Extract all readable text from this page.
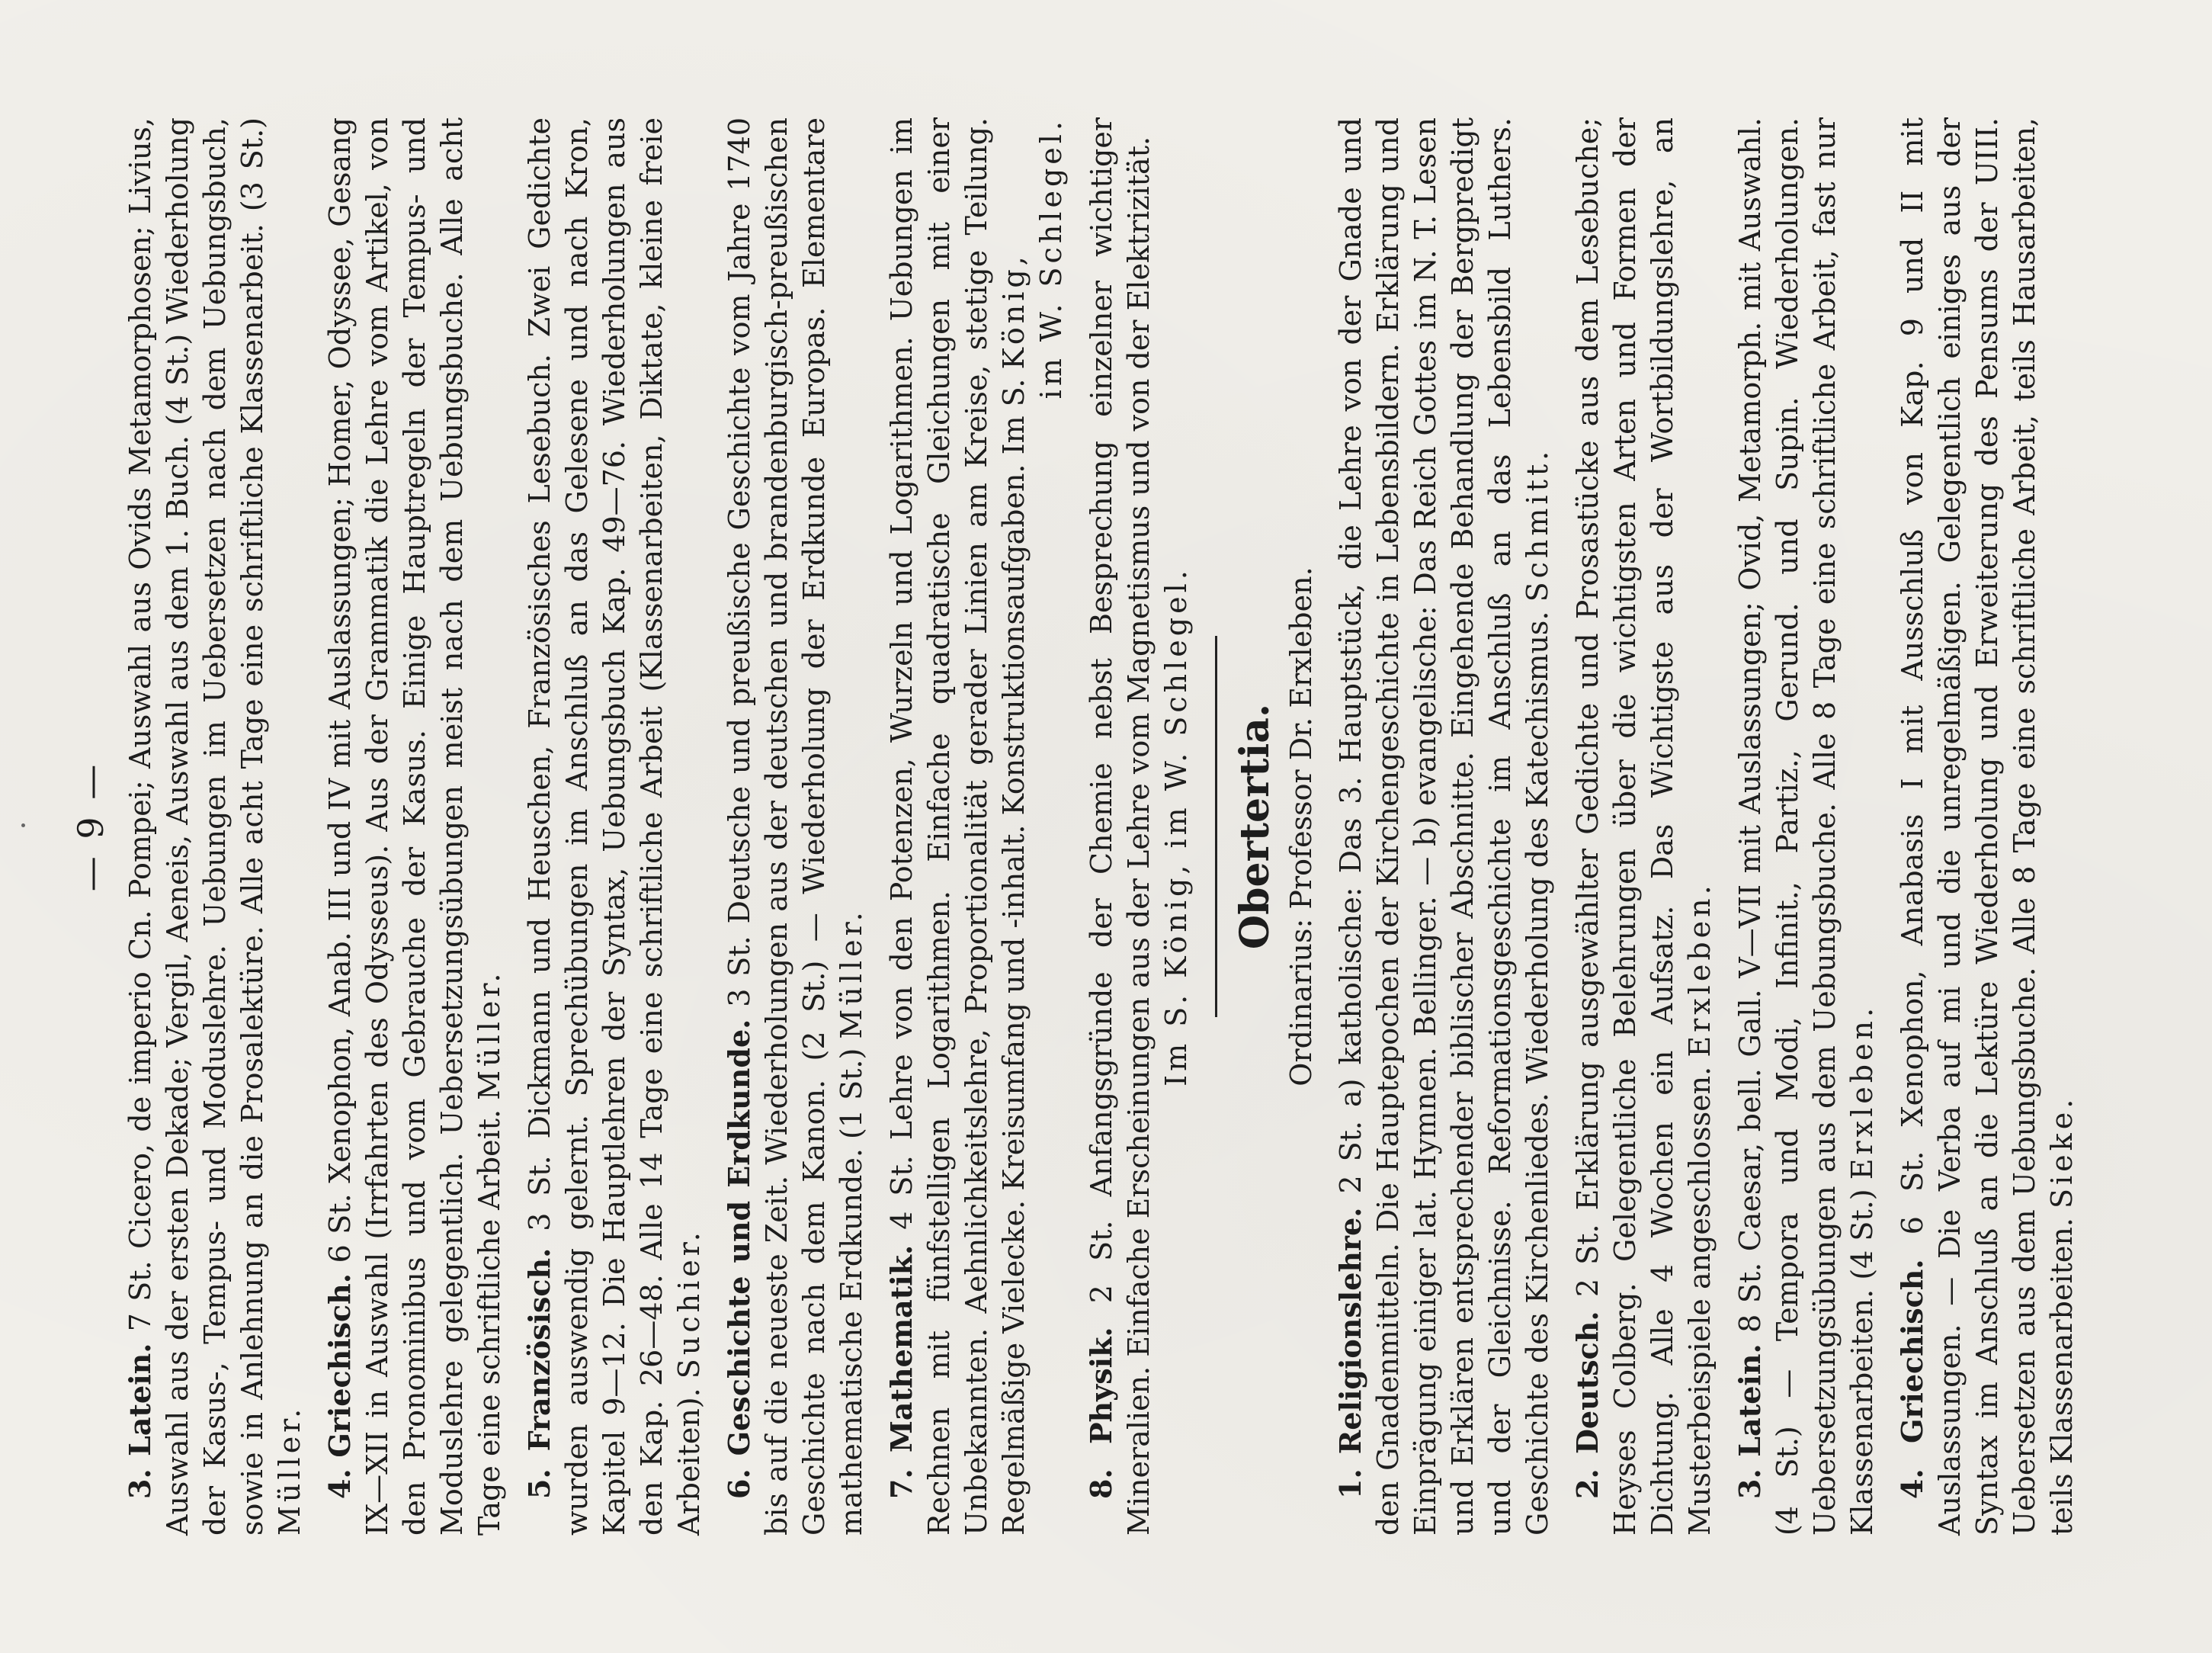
— 9 —

3. Latein. 7 St. Cicero, de imperio Cn. Pompei; Auswahl aus Ovids Metamorphosen; Livius, Auswahl aus der ersten Dekade; Vergil, Aeneis, Auswahl aus dem 1. Buch. (4 St.) Wiederholung der Kasus-, Tempus- und Moduslehre. Uebungen im Uebersetzen nach dem Uebungsbuch, sowie in Anlehnung an die Prosalektüre. Alle acht Tage eine schriftliche Klassenarbeit. (3 St.) Müller. 4. Griechisch. 6 St. Xenophon, Anab. III und IV mit Auslassungen; Homer, Odyssee, Gesang IX—XII in Auswahl (Irrfahrten des Odysseus). Aus der Grammatik die Lehre vom Artikel, von den Pronominibus und vom Gebrauche der Kasus. Einige Hauptregeln der Tempus- und Moduslehre gelegentlich. Uebersetzungsübungen meist nach dem Uebungsbuche. Alle acht Tage eine schriftliche Arbeit. Müller.

5. Französisch. 3 St. Dickmann und Heuschen, Französisches Lesebuch. Zwei Gedichte wurden auswendig gelernt. Sprechübungen im Anschluß an das Gelesene und nach Kron, Kapitel 9—12. Die Hauptlehren der Syntax, Uebungsbuch Kap. 49—76. Wiederholungen aus den Kap. 26—48. Alle 14 Tage eine schriftliche Arbeit (Klassenarbeiten, Diktate, kleine freie Arbeiten). Suchier. 6. Geschichte und Erdkunde. 3 St. Deutsche und preußische Geschichte vom Jahre 1740 bis auf die neueste Zeit. Wiederholungen aus der deutschen und brandenburgisch-preußischen Geschichte nach dem Kanon. (2 St.) — Wiederholung der Erdkunde Europas. Elementare mathematische Erdkunde. (1 St.) Müller.

7. Mathematik. 4 St. Lehre von den Potenzen, Wurzeln und Logarithmen. Uebungen im Rechnen mit fünfstelligen Logarithmen. Einfache quadratische Gleichungen mit einer Unbekannten. Aehnlichkeitslehre, Proportionalität gerader Linien am Kreise, stetige Teilung. Regelmäßige Vielecke. Kreisumfang und -inhalt. Konstruktionsaufgaben. Im S. König, im W. Schlegel.

8. Physik. 2 St. Anfangsgründe der Chemie nebst Besprechung einzelner wichtiger Mineralien. Einfache Erscheinungen aus der Lehre vom Magnetismus und von der Elektrizität. Im S. König, im W. Schlegel. Obertertia. Ordinarius: Professor Dr. Erxleben.

1. Religionslehre. 2 St. a) katholische: Das 3. Hauptstück, die Lehre von der Gnade und den Gnadenmitteln. Die Hauptepochen der Kirchengeschichte in Lebensbildern. Erklärung und Einprägung einiger lat. Hymnen. Bellinger. — b) evangelische: Das Reich Gottes im N. T. Lesen und Erklären entsprechender biblischer Abschnitte. Eingehende Behandlung der Bergpredigt und der Gleichnisse. Reformationsgeschichte im Anschluß an das Lebensbild Luthers. Geschichte des Kirchenliedes. Wiederholung des Katechismus. Schmitt.

2. Deutsch. 2 St. Erklärung ausgewählter Gedichte und Prosastücke aus dem Lesebuche; Heyses Colberg. Gelegentliche Belehrungen über die wichtigsten Arten und Formen der Dichtung. Alle 4 Wochen ein Aufsatz. Das Wichtigste aus der Wortbildungslehre, an Musterbeispiele angeschlossen. Erxleben.

3. Latein. 8 St. Caesar, bell. Gall. V—VII mit Auslassungen; Ovid, Metamorph. mit Auswahl. (4 St.) — Tempora und Modi, Infinit., Partiz., Gerund. und Supin. Wiederholungen. Uebersetzungsübungen aus dem Uebungsbuche. Alle 8 Tage eine schriftliche Arbeit, fast nur Klassenarbeiten. (4 St.) Erxleben.

4. Griechisch. 6 St. Xenophon, Anabasis I mit Ausschluß von Kap. 9 und II mit Auslassungen. — Die Verba auf mi und die unregelmäßigen. Gelegentlich einiges aus der Syntax im Anschluß an die Lektüre Wiederholung und Erweiterung des Pensums der UIII. Uebersetzen aus dem Uebungsbuche. Alle 8 Tage eine schriftliche Arbeit, teils Hausarbeiten, teils Klassenarbeiten. Sieke.
